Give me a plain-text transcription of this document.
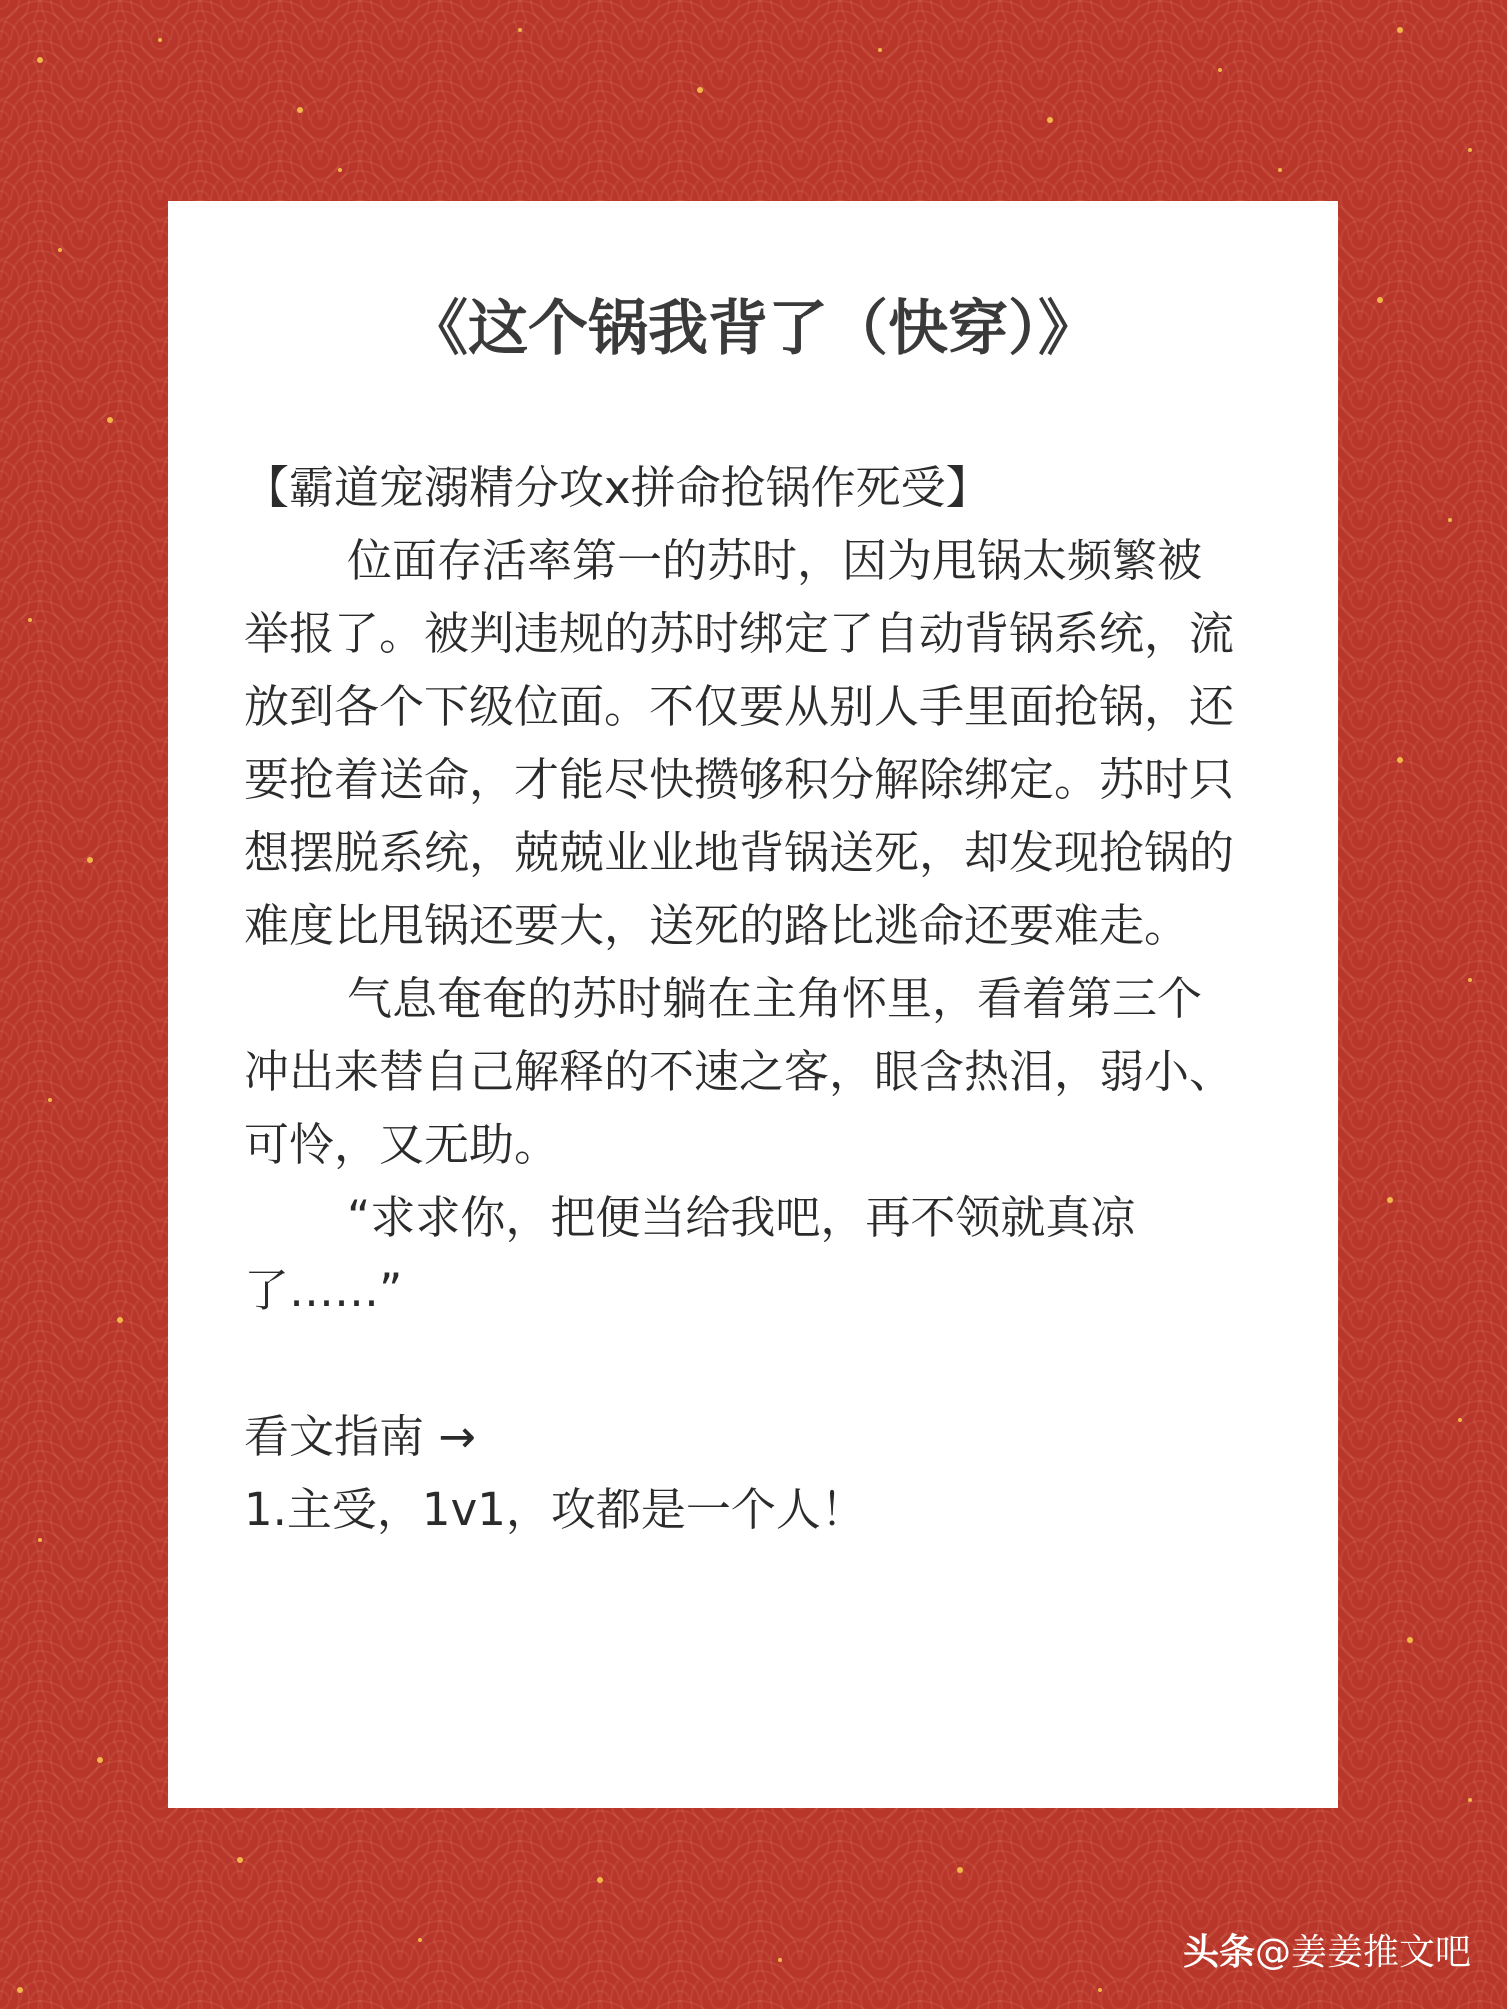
《这个锅我背了（快穿）》

【霸道宠溺精分攻x拼命抢锅作死受】

位面存活率第一的苏时，因为甩锅太频繁被举报了。被判违规的苏时绑定了自动背锅系统，流放到各个下级位面。不仅要从别人手里面抢锅，还要抢着送命，才能尽快攒够积分解除绑定。苏时只想摆脱系统，兢兢业业地背锅送死，却发现抢锅的难度比甩锅还要大，送死的路比逃命还要难走。

气息奄奄的苏时躺在主角怀里，看着第三个冲出来替自己解释的不速之客，眼含热泪，弱小、可怜，又无助。

“求求你，把便当给我吧，再不领就真凉了……”

看文指南 →

1.主受，1v1，攻都是一个人！

头条@姜姜推文吧
